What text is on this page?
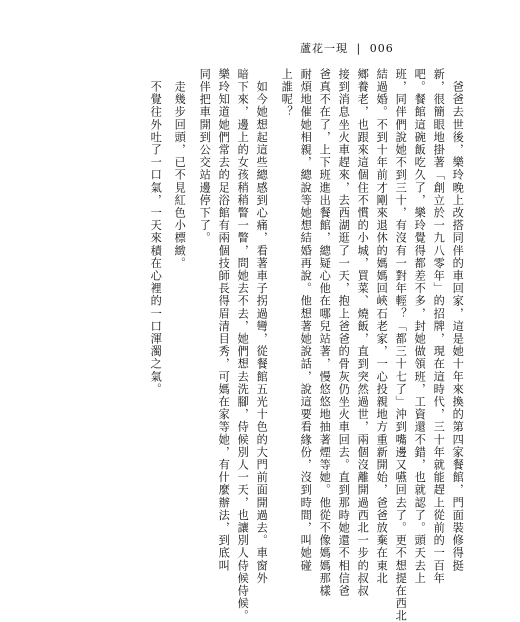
蘆花一現 | 006
　爸爸去世後，樂玲晚上改搭同伴的車回家，這是她十年來換的第四家餐館，門面裝修得挺
新，很簡眼地掛著「創立於一九八零年」的招牌，現在這時代，三十年就能趕上從前的一百年
吧。餐館這碗飯吃久了，樂玲覺得都差不多，封她做領班，工資還不錯，也就認了。頭天去上
班，同伴們說她不到三十，有沒有一對年輕？「都三十七了」沖到嘴邊又嚥回去了。更不想提在西北
結過婚。不到十年前才剛來退休的媽媽回峽石老家，一心投親地方重新開始，爸爸放棄在東北
鄉養老，也跟來這個住不慣的小城，買菜、燒飯，直到突然過世，兩個沒離開過西北一步的叔叔
接到消息坐火車趕來，去西湖逛了一天，抱上爸爸的骨灰仍坐火車回去。直到那時她還不相信爸
爸真不在了，上下班進出餐館，總疑心他在哪兒站著，慢悠悠地抽著煙等她。他從不像媽媽那樣
耐煩地催她相親，總說等她想結婚再說。他想著她說話，說這要看緣份，沒到時間，叫她碰
上誰呢？
　如今她想起這些總感到心痛，看著車子拐過彎，從餐館五光十色的大門前面開過去。車窗外
暗下來，邊上的女孩稍稍瞥一瞥，問她去不去，她們想去洗腳，侍候別人一天，也讓別人侍候侍候。
樂玲知道她們常去的足浴館有兩個技師長得眉清目秀，可媽在家等她，有什麼辦法，到底叫
同伴把車開到公交站邊停下了。
　走幾步回頭，已不見紅色小標緻。
　不覺往外吐了一口氣，一天來積在心裡的一口渾濁之氣。
